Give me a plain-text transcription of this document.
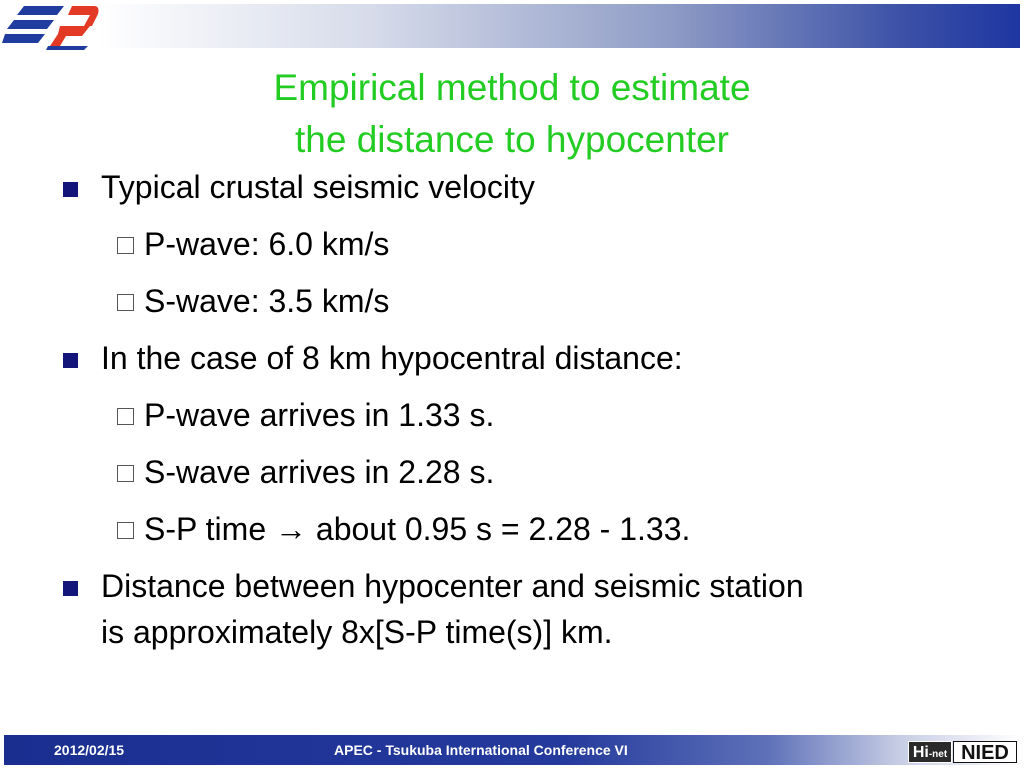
Empirical method to estimate
the distance to hypocenter
Typical crustal seismic velocity
P-wave: 6.0 km/s
S-wave: 3.5 km/s
In the case of 8 km hypocentral distance:
P-wave arrives in 1.33 s.
S-wave arrives in 2.28 s.
S-P time → about 0.95 s = 2.28 - 1.33.
Distance between hypocenter and seismic station
is approximately 8x[S-P time(s)] km.
2012/02/15	APEC - Tsukuba International Conference VI	Hi-net NIED
